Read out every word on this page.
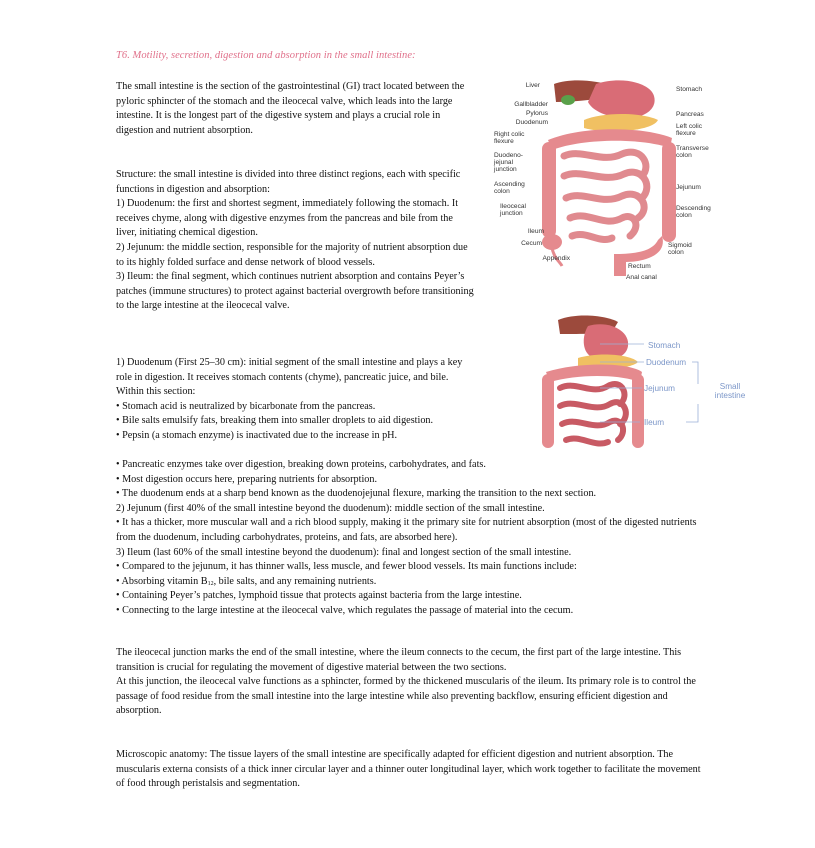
T6. Motility, secretion, digestion and absorption in the small intestine:

The small intestine is the section of the gastrointestinal (GI) tract located between the pyloric sphincter of the stomach and the ileocecal valve, which leads into the large intestine. It is the longest part of the digestive system and plays a crucial role in digestion and nutrient absorption.

Structure: the small intestine is divided into three distinct regions, each with specific functions in digestion and absorption:

1) Duodenum: the first and shortest segment, immediately following the stomach. It receives chyme, along with digestive enzymes from the pancreas and bile from the liver, initiating chemical digestion.

2) Jejunum: the middle section, responsible for the majority of nutrient absorption due to its highly folded surface and dense network of blood vessels.

3) Ileum: the final segment, which continues nutrient absorption and contains Peyer’s patches (immune structures) to protect against bacterial overgrowth before transitioning to the large intestine at the ileocecal valve.

1) Duodenum (First 25–30 cm): initial segment of the small intestine and plays a key role in digestion. It receives stomach contents (chyme), pancreatic juice, and bile. Within this section:

• Stomach acid is neutralized by bicarbonate from the pancreas.

• Bile salts emulsify fats, breaking them into smaller droplets to aid digestion.

• Pepsin (a stomach enzyme) is inactivated due to the increase in pH.

• Pancreatic enzymes take over digestion, breaking down proteins, carbohydrates, and fats.

• Most digestion occurs here, preparing nutrients for absorption.

• The duodenum ends at a sharp bend known as the duodenojejunal flexure, marking the transition to the next section.

2) Jejunum (first 40% of the small intestine beyond the duodenum): middle section of the small intestine.

• It has a thicker, more muscular wall and a rich blood supply, making it the primary site for nutrient absorption (most of the digested nutrients from the duodenum, including carbohydrates, proteins, and fats, are absorbed here).

3) Ileum (last 60% of the small intestine beyond the duodenum): final and longest section of the small intestine.

• Compared to the jejunum, it has thinner walls, less muscle, and fewer blood vessels. Its main functions include:

• Absorbing vitamin $B_{12}$, bile salts, and any remaining nutrients.

• Containing Peyer’s patches, lymphoid tissue that protects against bacteria from the large intestine.

• Connecting to the large intestine at the ileocecal valve, which regulates the passage of material into the cecum.

The ileocecal junction marks the end of the small intestine, where the ileum connects to the cecum, the first part of the large intestine. This transition is crucial for regulating the movement of digestive material between the two sections.

At this junction, the ileocecal valve functions as a sphincter, formed by the thickened muscularis of the ileum. Its primary role is to control the passage of food residue from the small intestine into the large intestine while also preventing backflow, ensuring efficient digestion and absorption.

Microscopic anatomy: The tissue layers of the small intestine are specifically adapted for efficient digestion and nutrient absorption. The muscularis externa consists of a thick inner circular layer and a thinner outer longitudinal layer, which work together to facilitate the movement of food through peristalsis and segmentation.

Liver
Gallbladder
Pylorus
Duodenum
Right colic flexure
Duodeno-jejunal junction
Ascending colon
Ileocecal junction
Ileum
Cecum
Appendix
Stomach
Pancreas
Left colic flexure
Transverse colon
Jejunum
Descending colon
Sigmoid colon
Rectum
Anal canal
Stomach
Duodenum
Jejunum
Ileum
Small intestine
